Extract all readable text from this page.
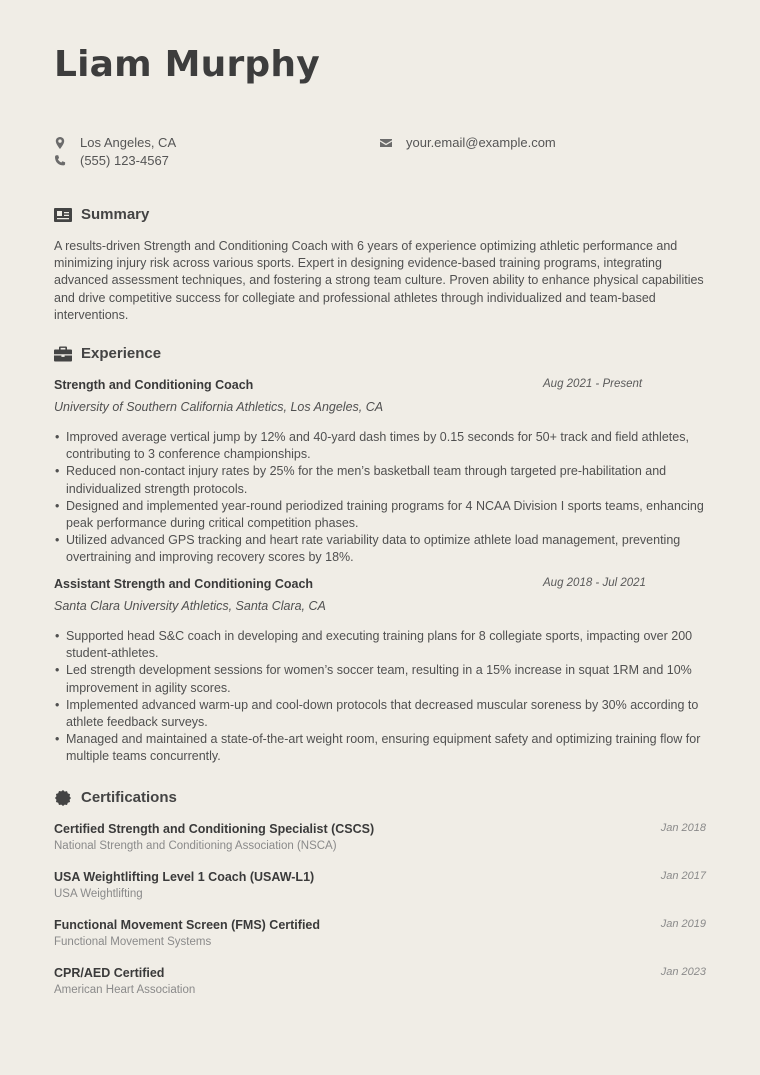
Liam Murphy
Los Angeles, CA
(555) 123-4567
your.email@example.com
Summary
A results-driven Strength and Conditioning Coach with 6 years of experience optimizing athletic performance and minimizing injury risk across various sports. Expert in designing evidence-based training programs, integrating advanced assessment techniques, and fostering a strong team culture. Proven ability to enhance physical capabilities and drive competitive success for collegiate and professional athletes through individualized and team-based interventions.
Experience
Strength and Conditioning Coach	Aug 2021 - Present
University of Southern California Athletics, Los Angeles, CA
• Improved average vertical jump by 12% and 40-yard dash times by 0.15 seconds for 50+ track and field athletes, contributing to 3 conference championships.
• Reduced non-contact injury rates by 25% for the men’s basketball team through targeted pre-habilitation and individualized strength protocols.
• Designed and implemented year-round periodized training programs for 4 NCAA Division I sports teams, enhancing peak performance during critical competition phases.
• Utilized advanced GPS tracking and heart rate variability data to optimize athlete load management, preventing overtraining and improving recovery scores by 18%.
Assistant Strength and Conditioning Coach	Aug 2018 - Jul 2021
Santa Clara University Athletics, Santa Clara, CA
• Supported head S&C coach in developing and executing training plans for 8 collegiate sports, impacting over 200 student-athletes.
• Led strength development sessions for women’s soccer team, resulting in a 15% increase in squat 1RM and 10% improvement in agility scores.
• Implemented advanced warm-up and cool-down protocols that decreased muscular soreness by 30% according to athlete feedback surveys.
• Managed and maintained a state-of-the-art weight room, ensuring equipment safety and optimizing training flow for multiple teams concurrently.
Certifications
Certified Strength and Conditioning Specialist (CSCS)	Jan 2018
National Strength and Conditioning Association (NSCA)
USA Weightlifting Level 1 Coach (USAW-L1)	Jan 2017
USA Weightlifting
Functional Movement Screen (FMS) Certified	Jan 2019
Functional Movement Systems
CPR/AED Certified	Jan 2023
American Heart Association
